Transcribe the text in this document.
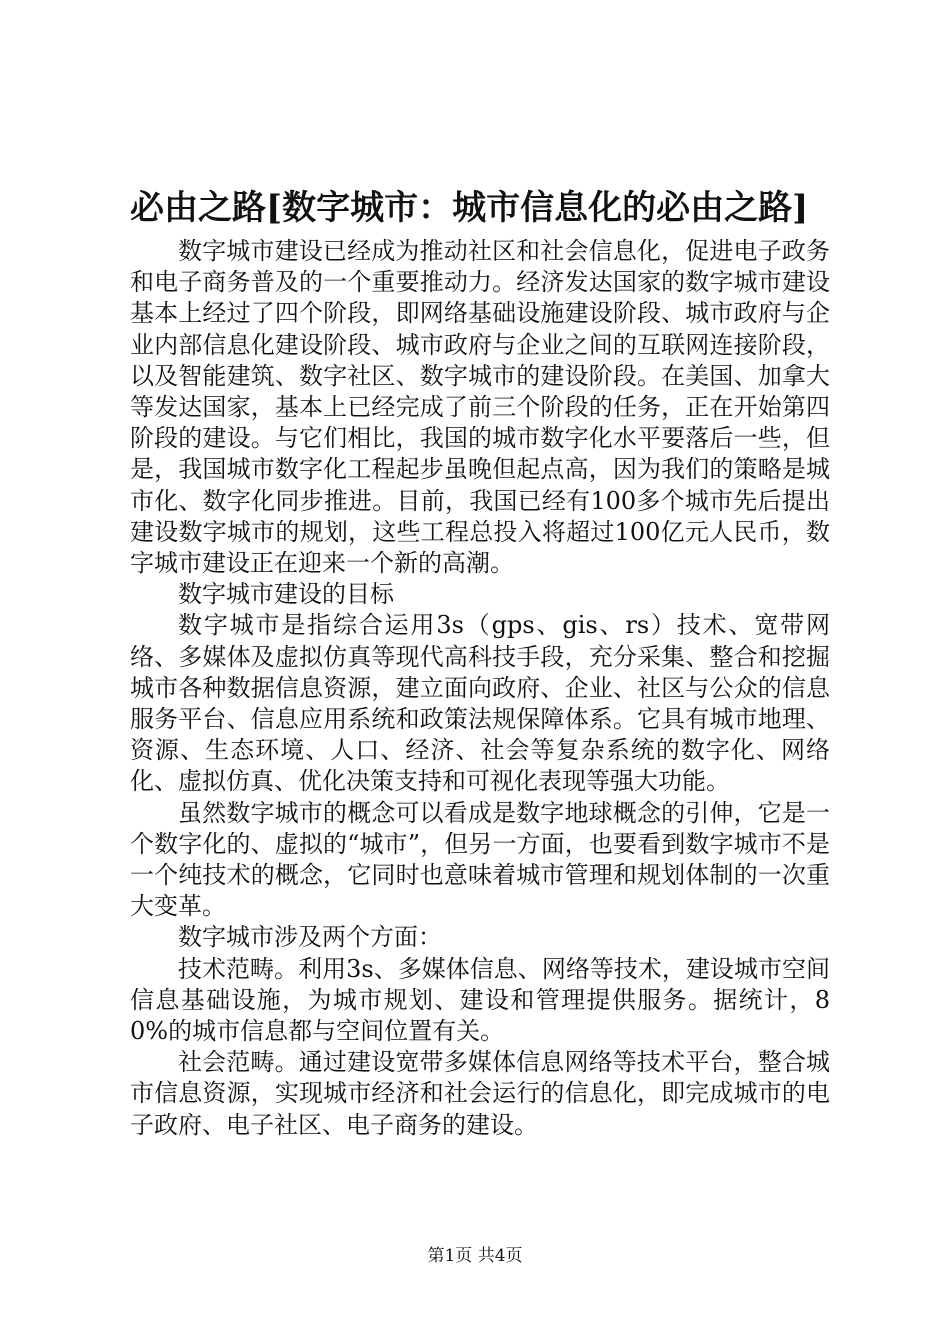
必由之路[数字城市：城市信息化的必由之路]

数字城市建设已经成为推动社区和社会信息化，促进电子政务和电子商务普及的一个重要推动力。经济发达国家的数字城市建设基本上经过了四个阶段，即网络基础设施建设阶段、城市政府与企业内部信息化建设阶段、城市政府与企业之间的互联网连接阶段，以及智能建筑、数字社区、数字城市的建设阶段。在美国、加拿大等发达国家，基本上已经完成了前三个阶段的任务，正在开始第四阶段的建设。与它们相比，我国的城市数字化水平要落后一些，但是，我国城市数字化工程起步虽晚但起点高，因为我们的策略是城市化、数字化同步推进。目前，我国已经有100多个城市先后提出建设数字城市的规划，这些工程总投入将超过100亿元人民币，数字城市建设正在迎来一个新的高潮。

数字城市建设的目标

数字城市是指综合运用3s（gps、gis、rs）技术、宽带网络、多媒体及虚拟仿真等现代高科技手段，充分采集、整合和挖掘城市各种数据信息资源，建立面向政府、企业、社区与公众的信息服务平台、信息应用系统和政策法规保障体系。它具有城市地理、资源、生态环境、人口、经济、社会等复杂系统的数字化、网络化、虚拟仿真、优化决策支持和可视化表现等强大功能。

虽然数字城市的概念可以看成是数字地球概念的引伸，它是一个数字化的、虚拟的“城市”，但另一方面，也要看到数字城市不是一个纯技术的概念，它同时也意味着城市管理和规划体制的一次重大变革。

数字城市涉及两个方面：

技术范畴。利用3s、多媒体信息、网络等技术，建设城市空间信息基础设施，为城市规划、建设和管理提供服务。据统计，80%的城市信息都与空间位置有关。

社会范畴。通过建设宽带多媒体信息网络等技术平台，整合城市信息资源，实现城市经济和社会运行的信息化，即完成城市的电子政府、电子社区、电子商务的建设。

第1页 共4页
